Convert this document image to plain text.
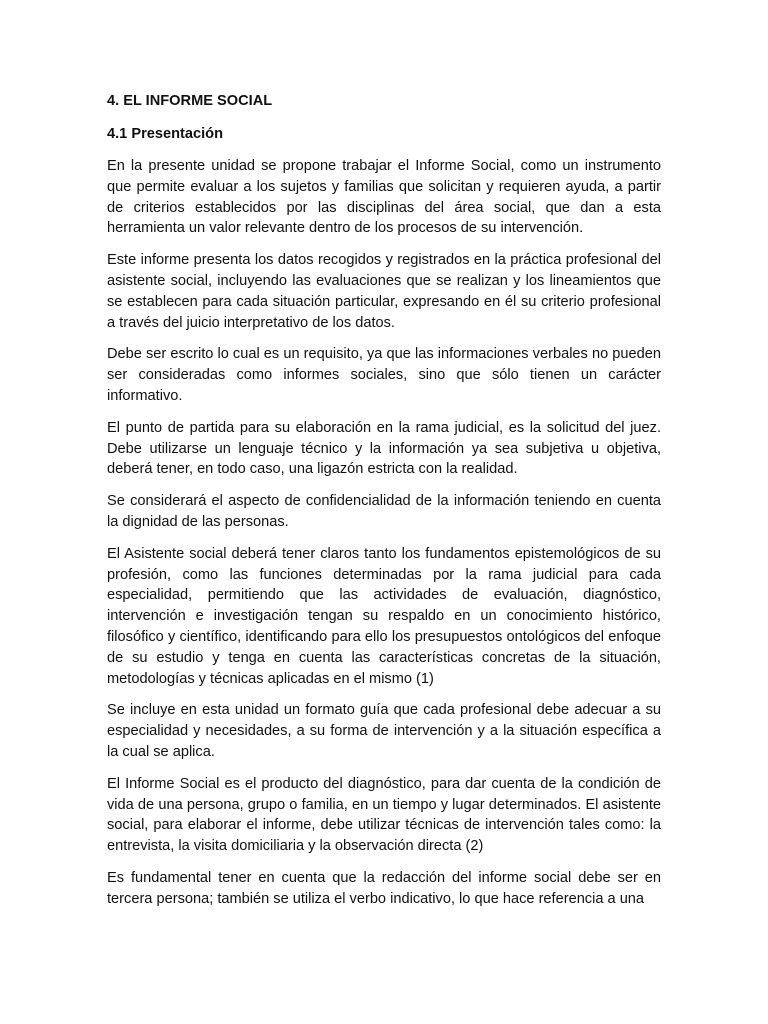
4. EL INFORME SOCIAL

4.1 Presentación

En la presente unidad se propone trabajar el Informe Social, como un instrumento que permite evaluar a los sujetos y familias que solicitan y requieren ayuda, a partir de criterios establecidos por las disciplinas del área social, que dan a esta herramienta un valor relevante dentro de los procesos de su intervención.

Este informe presenta los datos recogidos y registrados en la práctica profesional del asistente social, incluyendo las evaluaciones que se realizan y los lineamientos que se establecen para cada situación particular, expresando en él su criterio profesional a través del juicio interpretativo de los datos.

Debe ser escrito lo cual es un requisito, ya que las informaciones verbales no pueden ser consideradas como informes sociales, sino que sólo tienen un carácter informativo.

El punto de partida para su elaboración en la rama judicial, es la solicitud del juez. Debe utilizarse un lenguaje técnico y la información ya sea subjetiva u objetiva, deberá tener, en todo caso, una ligazón estricta con la realidad.

Se considerará el aspecto de confidencialidad de la información teniendo en cuenta la dignidad de las personas.

El Asistente social deberá tener claros tanto los fundamentos epistemológicos de su profesión, como las funciones determinadas por la rama judicial para cada especialidad, permitiendo que las actividades de evaluación, diagnóstico, intervención e investigación tengan su respaldo en un conocimiento histórico, filosófico y científico, identificando para ello los presupuestos ontológicos del enfoque de su estudio y tenga en cuenta las características concretas de la situación, metodologías y técnicas aplicadas en el mismo (1)

Se incluye en esta unidad un formato guía que cada profesional debe adecuar a su especialidad y necesidades, a su forma de intervención y a la situación específica a la cual se aplica.

El Informe Social es el producto del diagnóstico, para dar cuenta de la condición de vida de una persona, grupo o familia, en un tiempo y lugar determinados. El asistente social, para elaborar el informe, debe utilizar técnicas de intervención tales como: la entrevista, la visita domiciliaria y la observación directa (2)

Es fundamental tener en cuenta que la redacción del informe social debe ser en tercera persona; también se utiliza el verbo indicativo, lo que hace referencia a una
